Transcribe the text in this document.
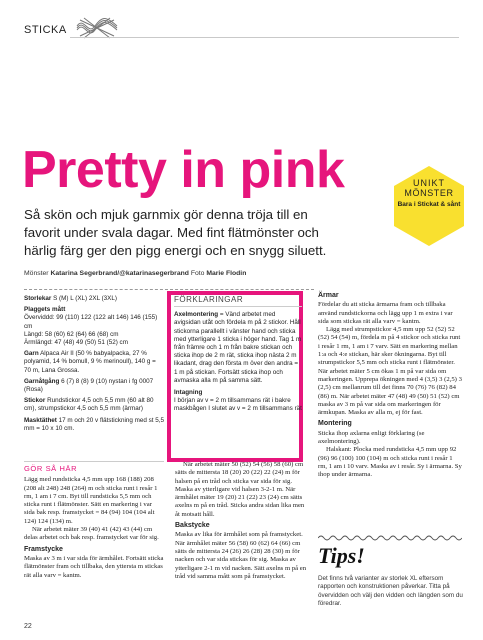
STICKA
Pretty in pink	UNIKT
MÖNSTER
Bara i Stickat & sånt
Så skön och mjuk garnmix gör denna tröja till en favorit under svala dagar. Med fint flätmönster och härlig färg ger den pigg energi och en snygg siluett.
Mönster Katarina Segerbrand/@katarinasegerbrand Foto Marie Flodin
Storlekar S (M) L (XL) 2XL (3XL)
Plaggets mått
Överviddd: 99 (110) 122 (122 alt 146) 146 (155) cm
Längd: 58 (60) 62 (64) 66 (68) cm
Ärmlängd: 47 (48) 49 (50) 51 (52) cm
Garn Alpaca Air II (50 % babyalpacka, 27 % polyamid, 14 % bomull, 9 % merinoull), 140 g = 70 m, Lana Grossa.
Garnåtgång 6 (7) 8 (8) 9 (10) nystan i fg 0007 (Rosa)
Stickor Rundstickor 4,5 och 5,5 mm (60 alt 80 cm), strumpstickor 4,5 och 5,5 mm (ärmar)
Masktäthet 17 m och 20 v flätstickning med st 5,5 mm = 10 x 10 cm.
FÖRKLARINGAR
Axelmontering = Vänd arbetet med avigsidan utåt och fördela m på 2 stickor. Håll stickorna parallellt i vänster hand och sticka med ytterligare 1 sticka i höger hand. Tag 1 m från främre och 1 m från bakre stickan och sticka ihop de 2 m rät, sticka ihop nästa 2 m likadant, drag den första m över den andra = 1 m på stickan. Fortsätt sticka ihop och avmaska alla m på samma sätt.
Intagning
I början av v = 2 m tillsammans rät i bakre maskbågen I slutet av v = 2 m tillsammans rät
GÖR SÅ HÄR

Lägg med rundsticka 4,5 mm upp 168 (188) 208 (208 alt 248) 248 (264) m och sticka runt i resår 1 rm, 1 am i 7 cm. Byt till rundsticka 5,5 mm och sticka runt i flätmönster. Sätt en markering i var sida bak resp. framstycket = 84 (94) 104 (104 alt 124) 124 (134) m.

När arbetet mäter 39 (40) 41 (42) 43 (44) cm delas arbetet och bak resp. framstycket var för sig.

Framstycke

Maska av 3 m i var sida för ärmhålet. Fortsätt sticka flätmönster fram och tillbaka, den yttersta m stickas rät alla varv = kantm.

När arbetet mäter 50 (52) 54 (56) 58 (60) cm sätts de mittersta 18 (20) 20 (22) 22 (24) m för halsen på en tråd och sticka var sida för sig. Maska av ytterligare vid halsen 3-2-1 m. När ärmhålet mäter 19 (20) 21 (22) 23 (24) cm sätts axelns m på en tråd. Sticka andra sidan lika men åt motsatt håll.

Bakstycke

Maska av lika för ärmhålet som på framstycket. När ärmhålet mäter 56 (58) 60 (62) 64 (66) cm sätts de mittersta 24 (26) 26 (28) 28 (30) m för nacken och var sida stickas för sig. Maska av ytterligare 2-1 m vid nacken. Sätt axelns m på en tråd vid samma mått som på framstycket.

Ärmar

Fördelar du att sticka ärmarna fram och tillbaka använd rundstickorna och lägg upp 1 m extra i var sida som stickas rät alla varv = kantm.

Lägg med strumpstickor 4,5 mm upp 52 (52) 52 (52) 54 (54) m, fördela m på 4 stickor och sticka runt i resår 1 rm, 1 am i 7 varv. Sätt en markering mellan 1:a och 4:e stickan, här sker ökningarna. Byt till strumpstickor 5,5 mm och sticka runt i flätmönster. När arbetet mäter 5 cm ökas 1 m på var sida om markeringen. Upprepa ökningen med 4 (3,5) 3 (2,5) 3 (2,5) cm mellanrum till det finns 70 (76) 76 (82) 84 (86) m. När arbetet mäter 47 (48) 49 (50) 51 (52) cm maska av 3 m på var sida om markeringen för ärmkupan. Maska av alla m, ej för fast.

Montering

Sticka ihop axlarna enligt förklaring (se axelmontering).

Halskant: Plocka med rundsticka 4,5 mm upp 92 (96) 96 (100) 100 (104) m och sticka runt i resår 1 rm, 1 am i 10 varv. Maska av i resår. Sy i ärmarna. Sy ihop under ärmarna.

Tips!
Det finns två varianter av storlek XL eftersom rapporten och konstruktionen påverkar. Titta på övervidden och välj den vidden och längden som du föredrar.
22
